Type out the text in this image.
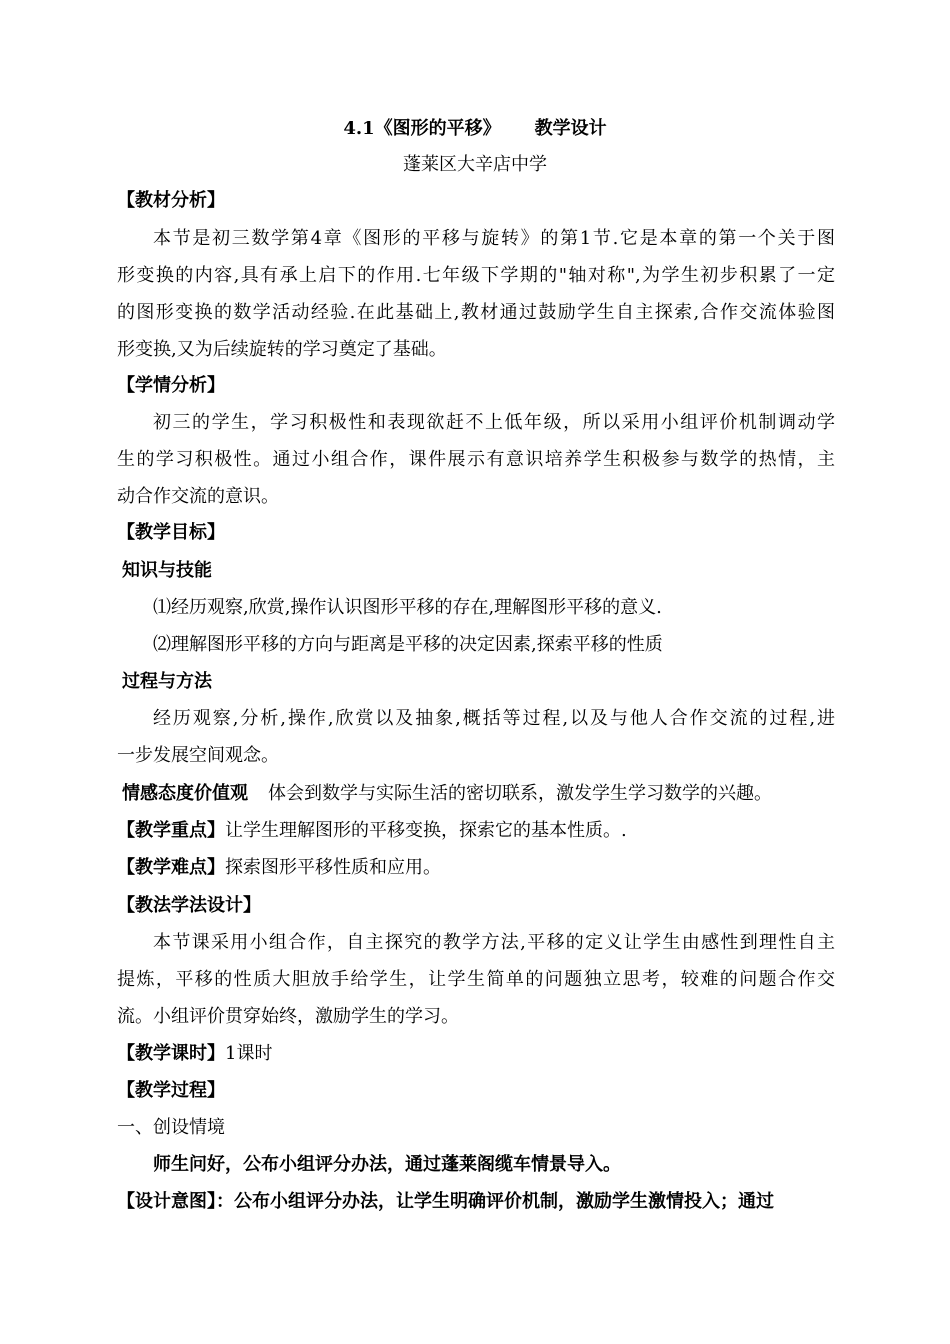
4.1《图形的平移》 教学设计
蓬莱区大辛店中学
【教材分析】
本节是初三数学第4章《图形的平移与旋转》的第1节.它是本章的第一个关于图
形变换的内容,具有承上启下的作用.七年级下学期的"轴对称",为学生初步积累了一定
的图形变换的数学活动经验.在此基础上,教材通过鼓励学生自主探索,合作交流体验图
形变换,又为后续旋转的学习奠定了基础。
【学情分析】
初三的学生，学习积极性和表现欲赶不上低年级，所以采用小组评价机制调动学
生的学习积极性。通过小组合作，课件展示有意识培养学生积极参与数学的热情，主
动合作交流的意识。
【教学目标】
知识与技能
⑴经历观察,欣赏,操作认识图形平移的存在,理解图形平移的意义.
⑵理解图形平移的方向与距离是平移的决定因素,探索平移的性质
过程与方法
经历观察,分析,操作,欣赏以及抽象,概括等过程,以及与他人合作交流的过程,进
一步发展空间观念。
情感态度价值观 体会到数学与实际生活的密切联系，激发学生学习数学的兴趣。
【教学重点】让学生理解图形的平移变换，探索它的基本性质。.
【教学难点】探索图形平移性质和应用。
【教法学法设计】
本节课采用小组合作，自主探究的教学方法,平移的定义让学生由感性到理性自主
提炼，平移的性质大胆放手给学生，让学生简单的问题独立思考，较难的问题合作交
流。小组评价贯穿始终，激励学生的学习。
【教学课时】1课时
【教学过程】
一、创设情境
师生问好，公布小组评分办法，通过蓬莱阁缆车情景导入。
【设计意图】：公布小组评分办法，让学生明确评价机制，激励学生激情投入；通过
